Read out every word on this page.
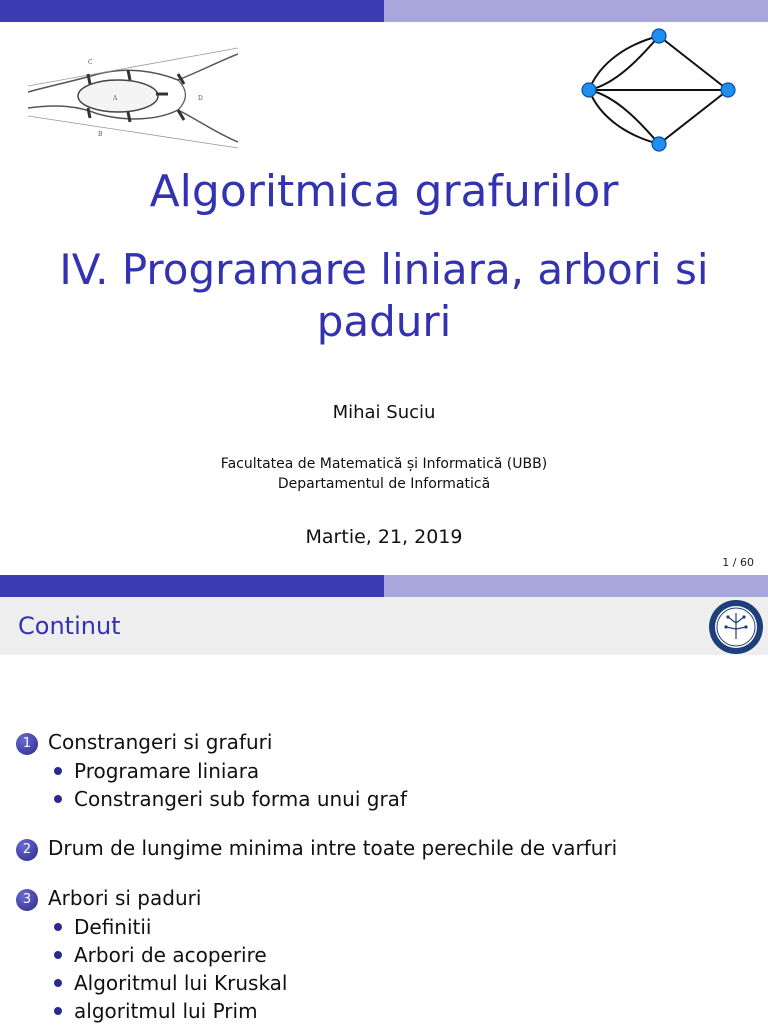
A
C
B
D
Algoritmica grafurilor
IV. Programare liniara, arbori si
paduri
Mihai Suciu
Facultatea de Matematică și Informatică (UBB)
Departamentul de Informatică
Martie, 21, 2019
1 / 60
Continut
1 Constrangeri si grafuri
Programare liniara
Constrangeri sub forma unui graf
2 Drum de lungime minima intre toate perechile de varfuri
3 Arbori si paduri
Definitii
Arbori de acoperire
Algoritmul lui Kruskal
algoritmul lui Prim
